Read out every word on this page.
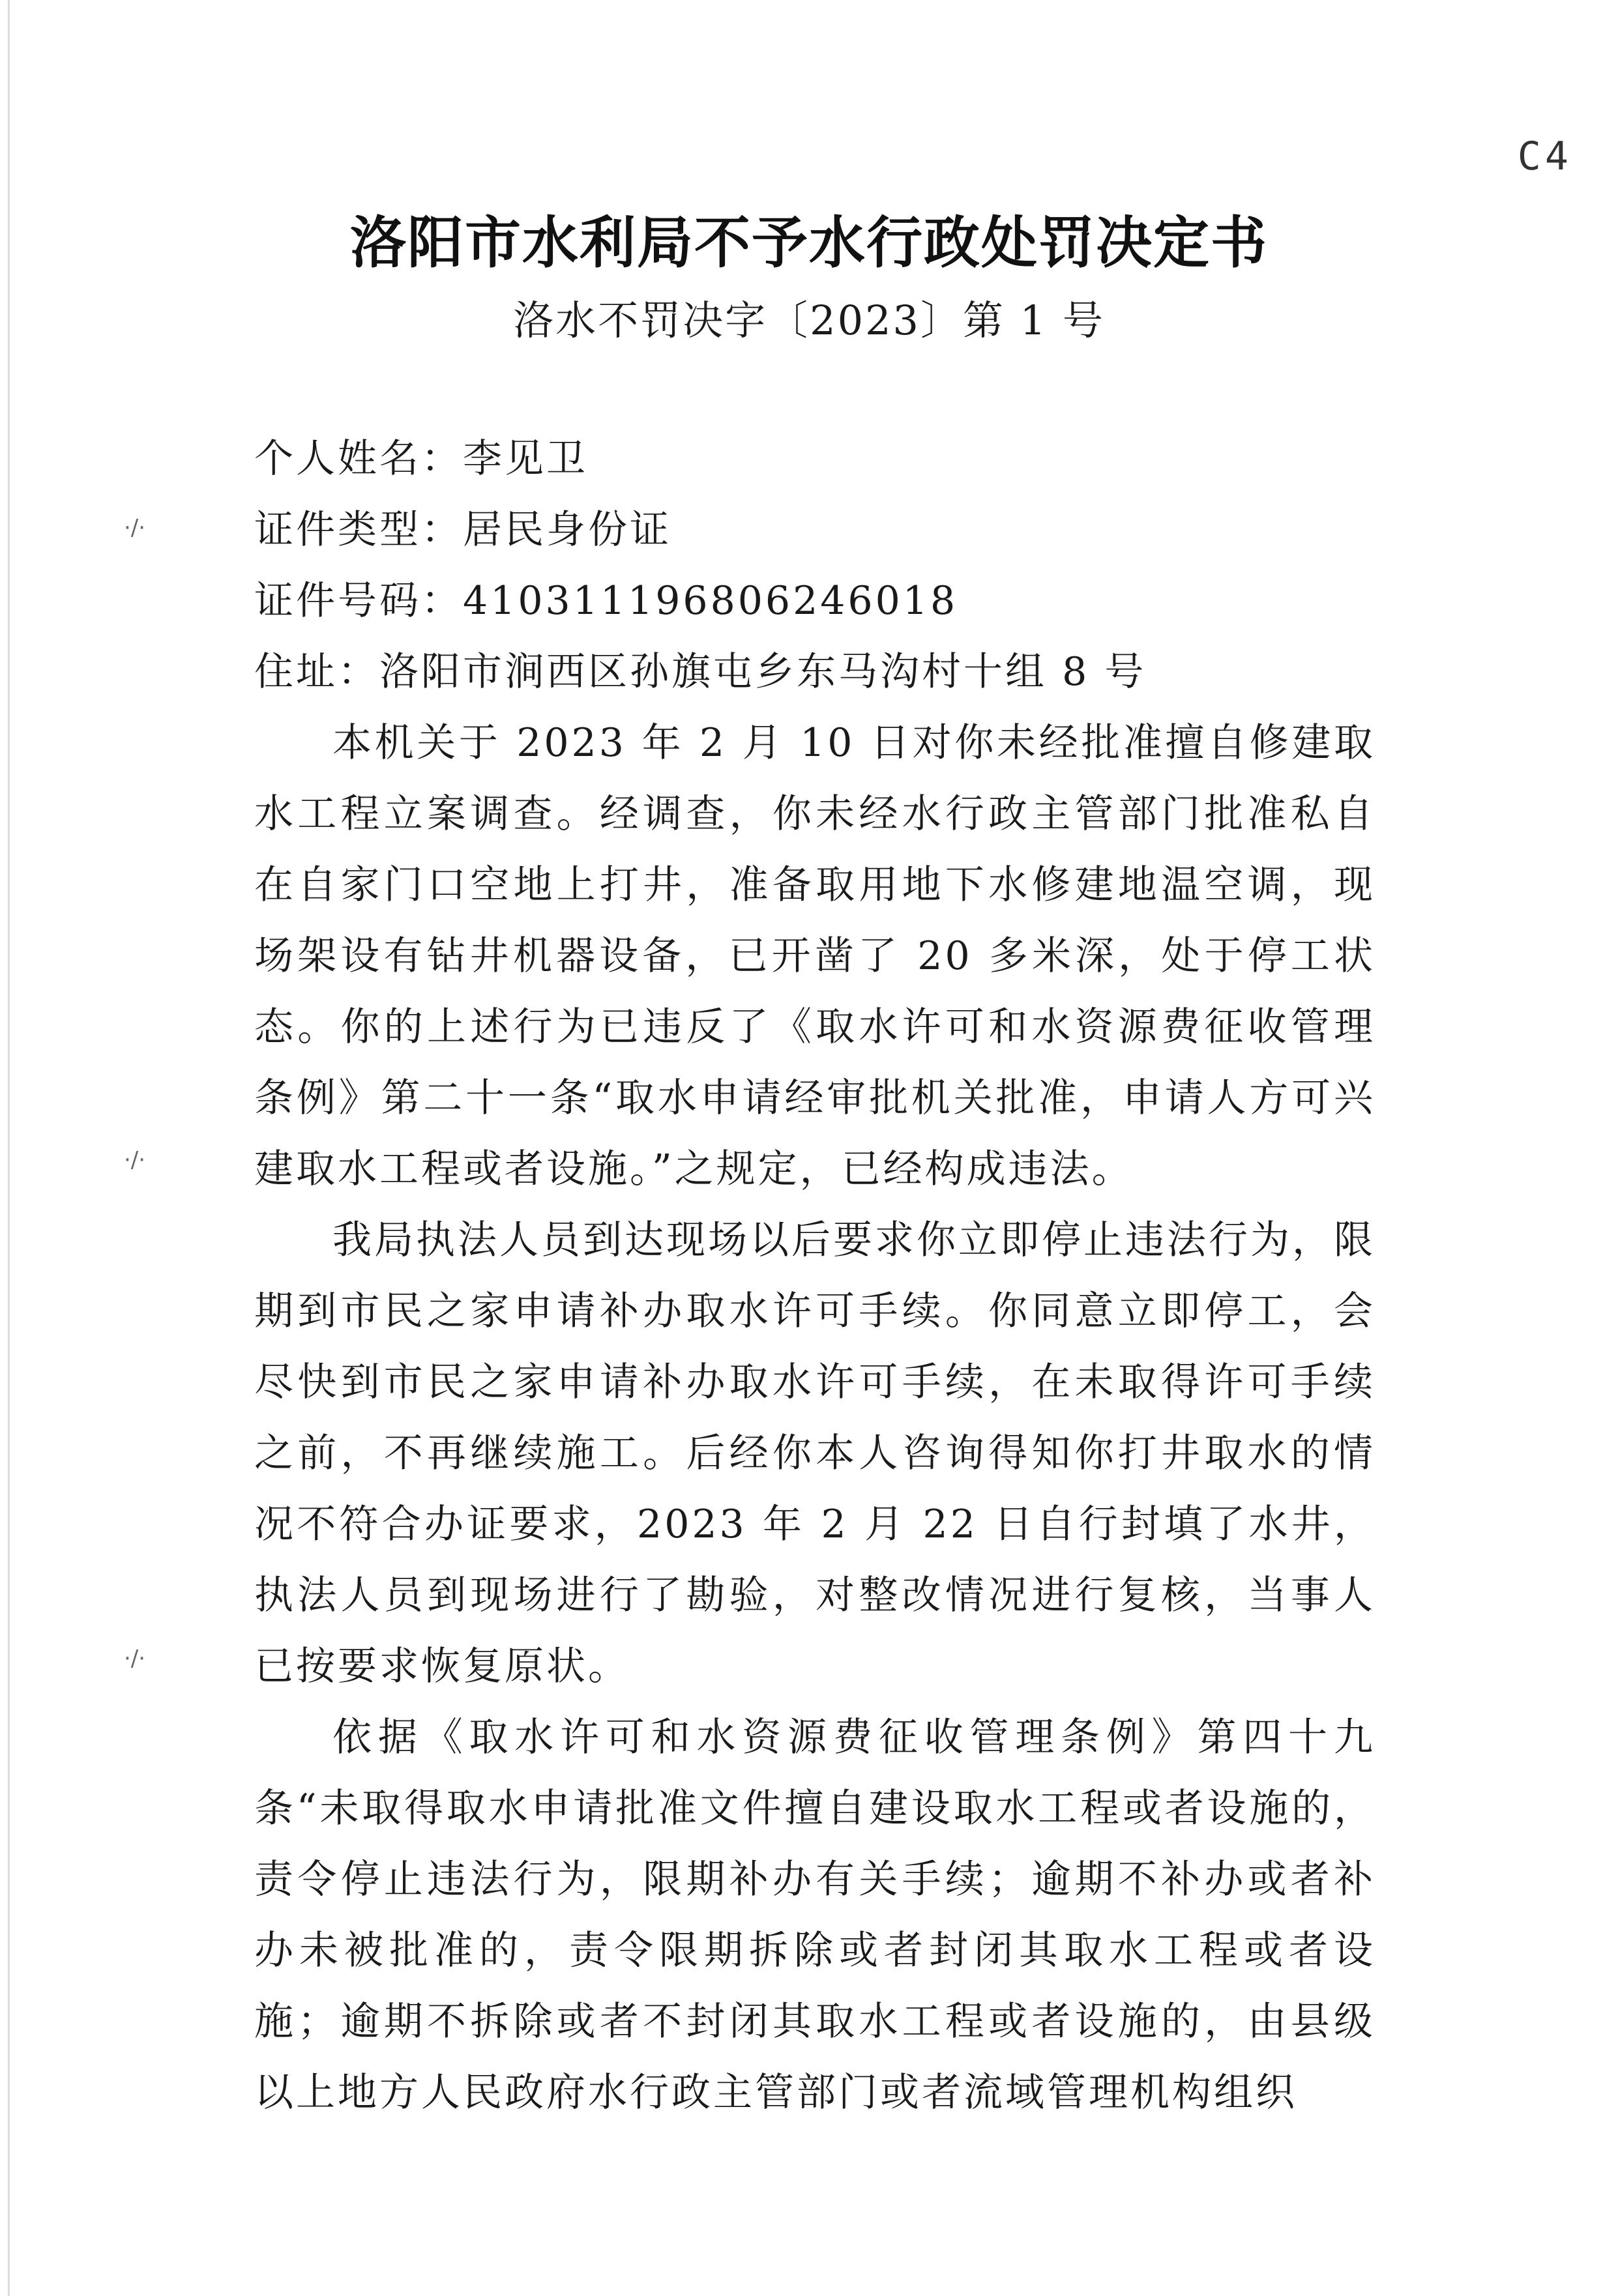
C4
洛阳市水利局不予水行政处罚决定书
洛水不罚决字〔2023〕第 1 号
·/·
·/·
·/·
个人姓名：李见卫
证件类型：居民身份证
证件号码：410311196806246018
住址：洛阳市涧西区孙旗屯乡东马沟村十组 8 号
本机关于 2023 年 2 月 10 日对你未经批准擅自修建取水工程立案调查。经调查，你未经水行政主管部门批准私自在自家门口空地上打井，准备取用地下水修建地温空调，现场架设有钻井机器设备，已开凿了 20 多米深，处于停工状态。你的上述行为已违反了《取水许可和水资源费征收管理条例》第二十一条“取水申请经审批机关批准，申请人方可兴建取水工程或者设施。”之规定，已经构成违法。
我局执法人员到达现场以后要求你立即停止违法行为，限期到市民之家申请补办取水许可手续。你同意立即停工，会尽快到市民之家申请补办取水许可手续，在未取得许可手续之前，不再继续施工。后经你本人咨询得知你打井取水的情况不符合办证要求，2023 年 2 月 22 日自行封填了水井，执法人员到现场进行了勘验，对整改情况进行复核，当事人已按要求恢复原状。
依据《取水许可和水资源费征收管理条例》第四十九条“未取得取水申请批准文件擅自建设取水工程或者设施的，责令停止违法行为，限期补办有关手续；逾期不补办或者补办未被批准的，责令限期拆除或者封闭其取水工程或者设施；逾期不拆除或者不封闭其取水工程或者设施的，由县级以上地方人民政府水行政主管部门或者流域管理机构组织
